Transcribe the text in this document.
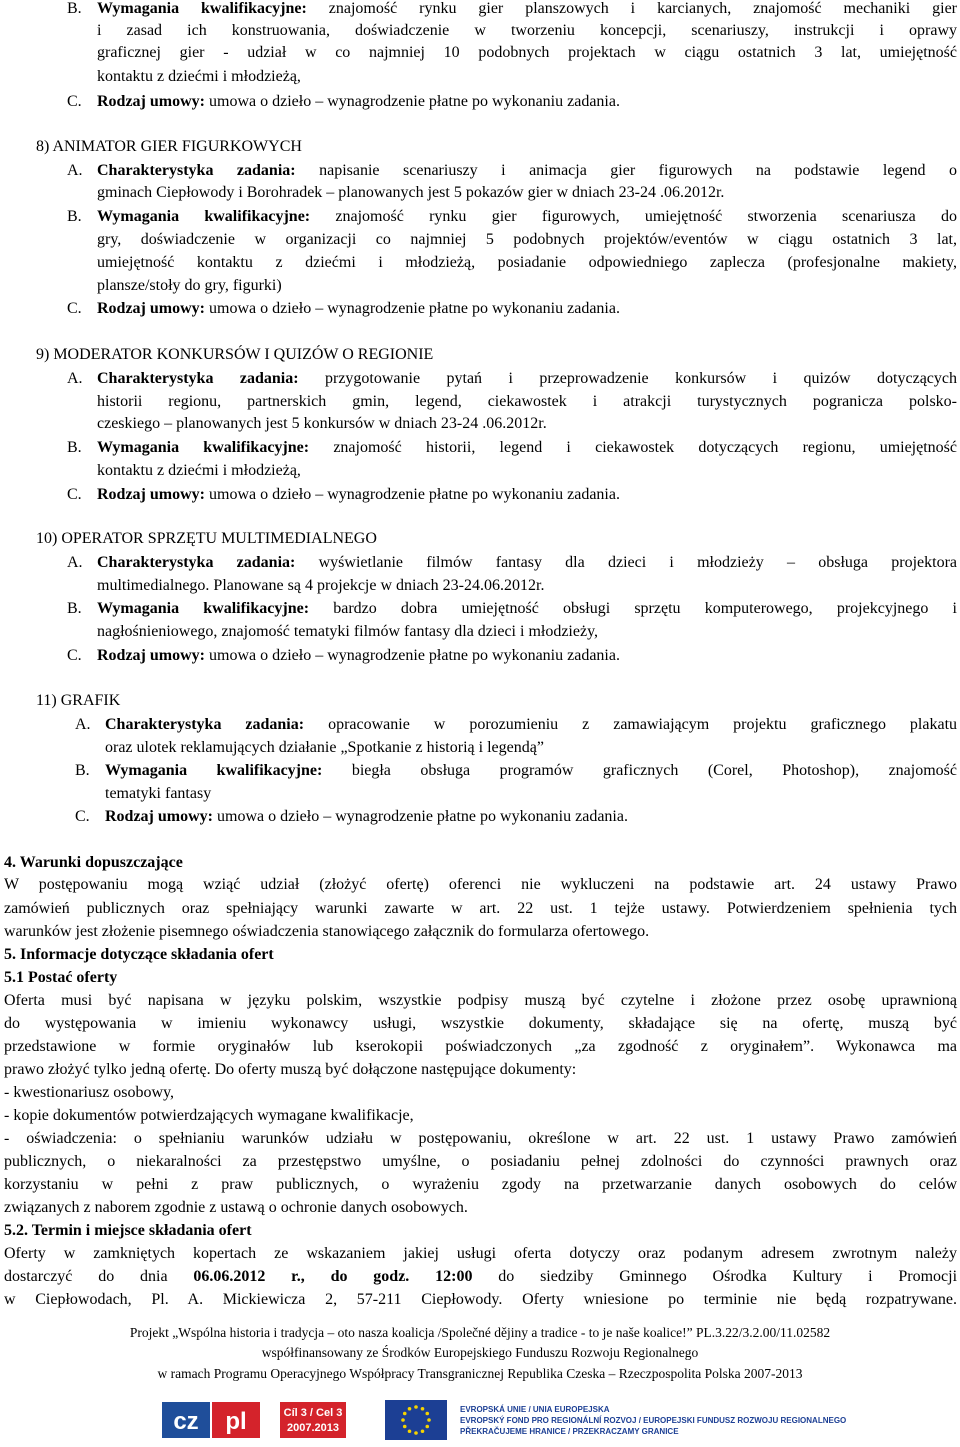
B. Wymagania kwalifikacyjne: znajomość rynku gier planszowych i karcianych, znajomość mechaniki gier
i zasad ich konstruowania, doświadczenie w tworzeniu koncepcji, scenariuszy, instrukcji i oprawy
graficznej gier - udział w co najmniej 10 podobnych projektach w ciągu ostatnich 3 lat, umiejętność
kontaktu z dziećmi i młodzieżą,
C. Rodzaj umowy: umowa o dzieło – wynagrodzenie płatne po wykonaniu zadania.
8) ANIMATOR GIER FIGURKOWYCH
A. Charakterystyka zadania: napisanie scenariuszy i animacja gier figurowych na podstawie legend o
gminach Ciepłowody i Borohradek – planowanych jest 5 pokazów gier w dniach 23-24 .06.2012r.
B. Wymagania kwalifikacyjne: znajomość rynku gier figurowych, umiejętność stworzenia scenariusza do
gry, doświadczenie w organizacji co najmniej 5 podobnych projektów/eventów w ciągu ostatnich 3 lat,
umiejętność kontaktu z dziećmi i młodzieżą, posiadanie odpowiedniego zaplecza (profesjonalne makiety,
plansze/stoły do gry, figurki)
C. Rodzaj umowy: umowa o dzieło – wynagrodzenie płatne po wykonaniu zadania.
9) MODERATOR KONKURSÓW I QUIZÓW O REGIONIE
A. Charakterystyka zadania: przygotowanie pytań i przeprowadzenie konkursów i quizów dotyczących
historii regionu, partnerskich gmin, legend, ciekawostek i atrakcji turystycznych pogranicza polsko-
czeskiego – planowanych jest 5 konkursów w dniach 23-24 .06.2012r.
B. Wymagania kwalifikacyjne: znajomość historii, legend i ciekawostek dotyczących regionu, umiejętność
kontaktu z dziećmi i młodzieżą,
C. Rodzaj umowy: umowa o dzieło – wynagrodzenie płatne po wykonaniu zadania.
10) OPERATOR SPRZĘTU MULTIMEDIALNEGO
A. Charakterystyka zadania: wyświetlanie filmów fantasy dla dzieci i młodzieży – obsługa projektora
multimedialnego. Planowane są 4 projekcje w dniach 23-24.06.2012r.
B. Wymagania kwalifikacyjne: bardzo dobra umiejętność obsługi sprzętu komputerowego, projekcyjnego i
nagłośnieniowego, znajomość tematyki filmów fantasy dla dzieci i młodzieży,
C. Rodzaj umowy: umowa o dzieło – wynagrodzenie płatne po wykonaniu zadania.
11) GRAFIK
A. Charakterystyka zadania: opracowanie w porozumieniu z zamawiającym projektu graficznego plakatu
oraz ulotek reklamujących działanie „Spotkanie z historią i legendą”
B. Wymagania kwalifikacyjne: biegła obsługa programów graficznych (Corel, Photoshop), znajomość
tematyki fantasy
C. Rodzaj umowy: umowa o dzieło – wynagrodzenie płatne po wykonaniu zadania.
4. Warunki dopuszczające
W postępowaniu mogą wziąć udział (złożyć ofertę) oferenci nie wykluczeni na podstawie art. 24 ustawy Prawo
zamówień publicznych oraz spełniający warunki zawarte w art. 22 ust. 1 tejże ustawy. Potwierdzeniem spełnienia tych
warunków jest złożenie pisemnego oświadczenia stanowiącego załącznik do formularza ofertowego.
5. Informacje dotyczące składania ofert
5.1 Postać oferty
Oferta musi być napisana w języku polskim, wszystkie podpisy muszą być czytelne i złożone przez osobę uprawnioną
do występowania w imieniu wykonawcy usługi, wszystkie dokumenty, składające się na ofertę, muszą być
przedstawione w formie oryginałów lub kserokopii poświadczonych „za zgodność z oryginałem”. Wykonawca ma
prawo złożyć tylko jedną ofertę. Do oferty muszą być dołączone następujące dokumenty:
- kwestionariusz osobowy,
- kopie dokumentów potwierdzających wymagane kwalifikacje,
- oświadczenia: o spełnianiu warunków udziału w postępowaniu, określone w art. 22 ust. 1 ustawy Prawo zamówień
publicznych, o niekaralności za przestępstwo umyślne, o posiadaniu pełnej zdolności do czynności prawnych oraz
korzystaniu w pełni z praw publicznych, o wyrażeniu zgody na przetwarzanie danych osobowych do celów
związanych z naborem zgodnie z ustawą o ochronie danych osobowych.
5.2. Termin i miejsce składania ofert
Oferty w zamkniętych kopertach ze wskazaniem jakiej usługi oferta dotyczy oraz podanym adresem zwrotnym należy
dostarczyć do dnia 06.06.2012 r., do godz. 12:00 do siedziby Gminnego Ośrodka Kultury i Promocji
w Ciepłowodach, Pl. A. Mickiewicza 2, 57-211 Ciepłowody. Oferty wniesione po terminie nie będą rozpatrywane.
Projekt „Wspólna historia i tradycja – oto nasza koalicja /Společné dějiny a tradice - to je naše koalice!” PL.3.22/3.2.00/11.02582
współfinansowany ze Środków Europejskiego Funduszu Rozwoju Regionalnego
w ramach Programu Operacyjnego Współpracy Transgranicznej Republika Czeska – Rzeczpospolita Polska 2007-2013
cz pl	Cíl 3 / Cel 3
2007.2013
EVROPSKÁ UNIE / UNIA EUROPEJSKA
EVROPSKÝ FOND PRO REGIONÁLNÍ ROZVOJ / EUROPEJSKI FUNDUSZ ROZWOJU REGIONALNEGO
PŘEKRAČUJEME HRANICE / PRZEKRACZAMY GRANICE
